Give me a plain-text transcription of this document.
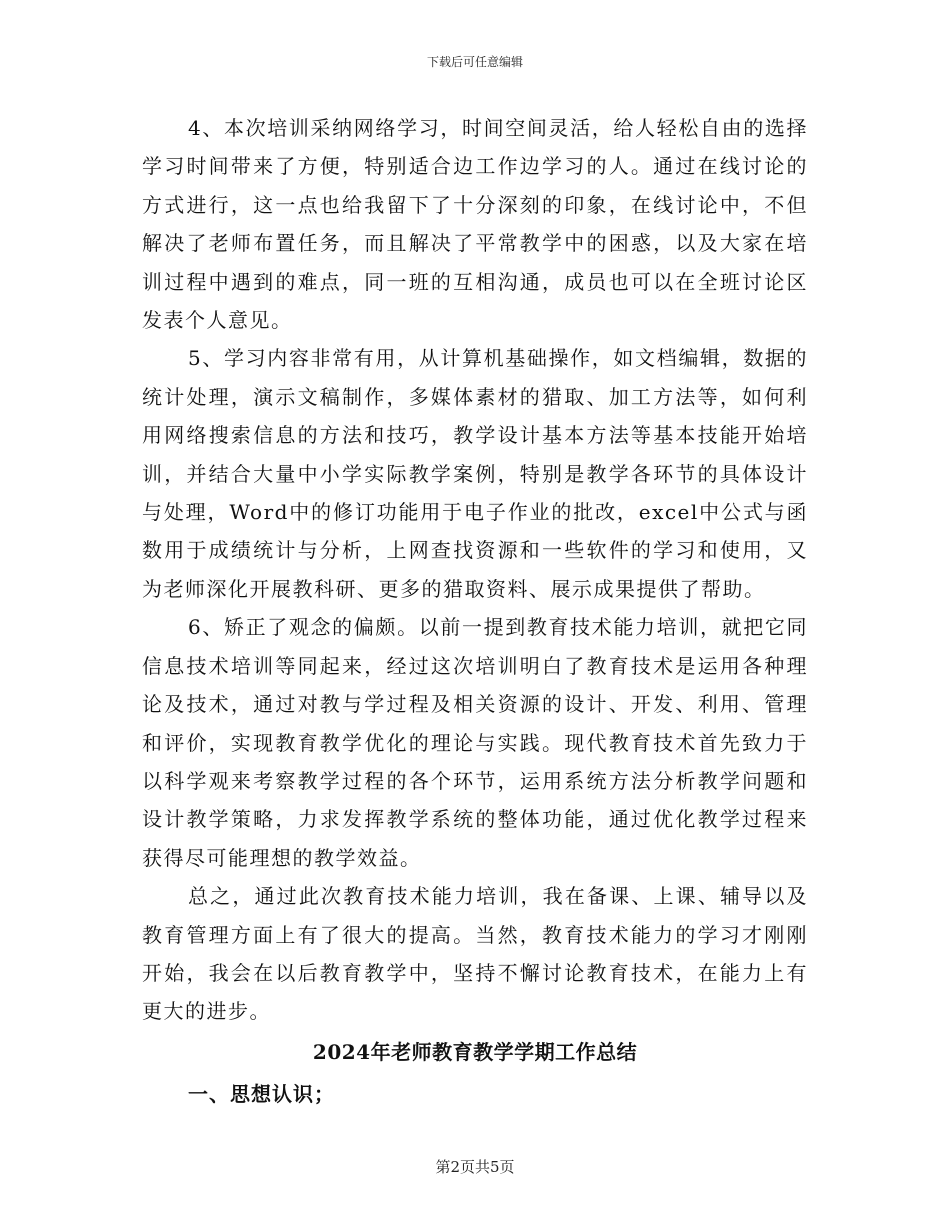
下载后可任意编辑

4、本次培训采纳网络学习，时间空间灵活，给人轻松自由的选择学习时间带来了方便，特别适合边工作边学习的人。通过在线讨论的方式进行，这一点也给我留下了十分深刻的印象，在线讨论中，不但解决了老师布置任务，而且解决了平常教学中的困惑，以及大家在培训过程中遇到的难点，同一班的互相沟通，成员也可以在全班讨论区发表个人意见。

5、学习内容非常有用，从计算机基础操作，如文档编辑，数据的统计处理，演示文稿制作，多媒体素材的猎取、加工方法等，如何利用网络搜索信息的方法和技巧，教学设计基本方法等基本技能开始培训，并结合大量中小学实际教学案例，特别是教学各环节的具体设计与处理，Word中的修订功能用于电子作业的批改，excel中公式与函数用于成绩统计与分析，上网查找资源和一些软件的学习和使用，又为老师深化开展教科研、更多的猎取资料、展示成果提供了帮助。

6、矫正了观念的偏颇。以前一提到教育技术能力培训，就把它同信息技术培训等同起来，经过这次培训明白了教育技术是运用各种理论及技术，通过对教与学过程及相关资源的设计、开发、利用、管理和评价，实现教育教学优化的理论与实践。现代教育技术首先致力于以科学观来考察教学过程的各个环节，运用系统方法分析教学问题和设计教学策略，力求发挥教学系统的整体功能，通过优化教学过程来获得尽可能理想的教学效益。

总之，通过此次教育技术能力培训，我在备课、上课、辅导以及教育管理方面上有了很大的提高。当然，教育技术能力的学习才刚刚开始，我会在以后教育教学中，坚持不懈讨论教育技术，在能力上有更大的进步。

2024年老师教育教学学期工作总结

一、思想认识；

第2页共5页
